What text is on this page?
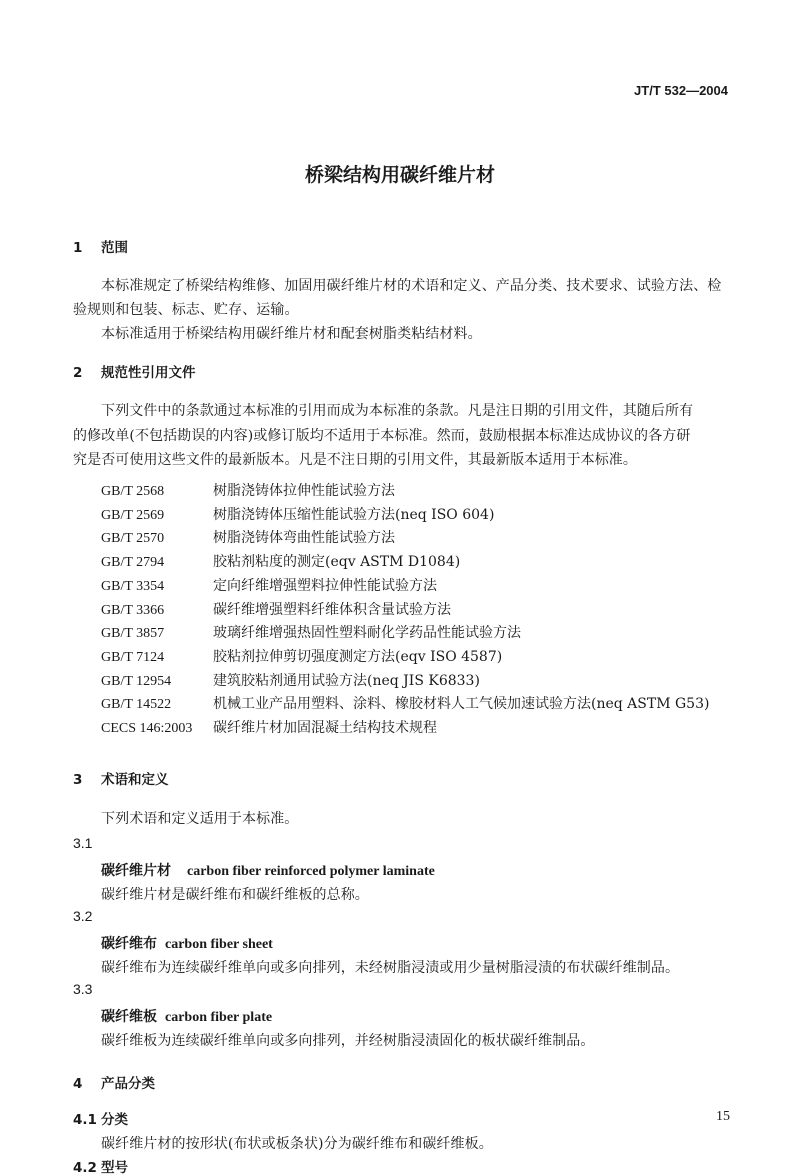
JT/T 532—2004
桥梁结构用碳纤维片材
1 范围
本标准规定了桥梁结构维修、加固用碳纤维片材的术语和定义、产品分类、技术要求、试验方法、检
验规则和包装、标志、贮存、运输。
本标准适用于桥梁结构用碳纤维片材和配套树脂类粘结材料。
2 规范性引用文件
下列文件中的条款通过本标准的引用而成为本标准的条款。凡是注日期的引用文件，其随后所有
的修改单(不包括勘误的内容)或修订版均不适用于本标准。然而，鼓励根据本标准达成协议的各方研
究是否可使用这些文件的最新版本。凡是不注日期的引用文件，其最新版本适用于本标准。
GB/T 2568	树脂浇铸体拉伸性能试验方法
GB/T 2569	树脂浇铸体压缩性能试验方法(neq ISO 604)
GB/T 2570	树脂浇铸体弯曲性能试验方法
GB/T 2794	胶粘剂粘度的测定(eqv ASTM D1084)
GB/T 3354	定向纤维增强塑料拉伸性能试验方法
GB/T 3366	碳纤维增强塑料纤维体积含量试验方法
GB/T 3857	玻璃纤维增强热固性塑料耐化学药品性能试验方法
GB/T 7124	胶粘剂拉伸剪切强度测定方法(eqv ISO 4587)
GB/T 12954	建筑胶粘剂通用试验方法(neq JIS K6833)
GB/T 14522	机械工业产品用塑料、涂料、橡胶材料人工气候加速试验方法(neq ASTM G53)
CECS 146:2003 碳纤维片材加固混凝土结构技术规程
3 术语和定义
下列术语和定义适用于本标准。
3.1
碳纤维片材 carbon fiber reinforced polymer laminate
碳纤维片材是碳纤维布和碳纤维板的总称。
3.2
碳纤维布 carbon fiber sheet
碳纤维布为连续碳纤维单向或多向排列，未经树脂浸渍或用少量树脂浸渍的布状碳纤维制品。
3.3
碳纤维板 carbon fiber plate
碳纤维板为连续碳纤维单向或多向排列，并经树脂浸渍固化的板状碳纤维制品。
4 产品分类
4.1 分类
碳纤维片材的按形状(布状或板条状)分为碳纤维布和碳纤维板。
4.2 型号
15
